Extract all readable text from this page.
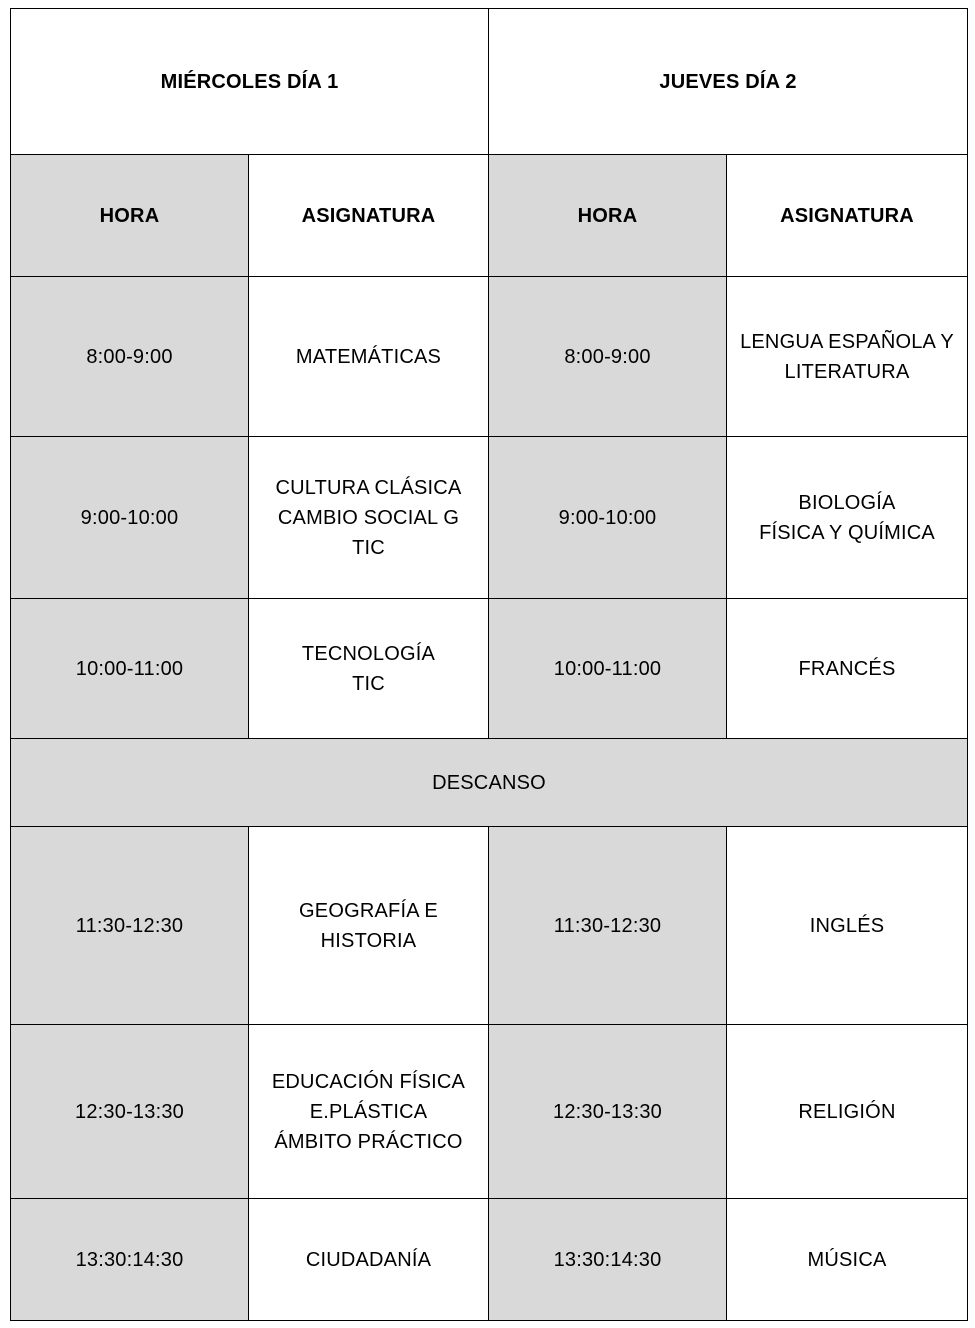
MIÉRCOLES DÍA 1		JUEVES DÍA 2	
HORA	ASIGNATURA	HORA	ASIGNATURA
8:00-9:00	MATEMÁTICAS	8:00-9:00	LENGUA ESPAÑOLA Y
LITERATURA

9:00-10:00	CULTURA CLÁSICA
CAMBIO SOCIAL G
TIC	9:00-10:00	BIOLOGÍA
FÍSICA Y QUÍMICA

10:00-11:00	TECNOLOGÍA
TIC	10:00-11:00	FRANCÉS

DESCANSO			
11:30-12:30	GEOGRAFÍA E
HISTORIA	11:30-12:30	INGLÉS

12:30-13:30	EDUCACIÓN FÍSICA
E.PLÁSTICA
ÁMBITO PRÁCTICO	12:30-13:30	RELIGIÓN

13:30:14:30	CIUDADANÍA	13:30:14:30	MÚSICA
